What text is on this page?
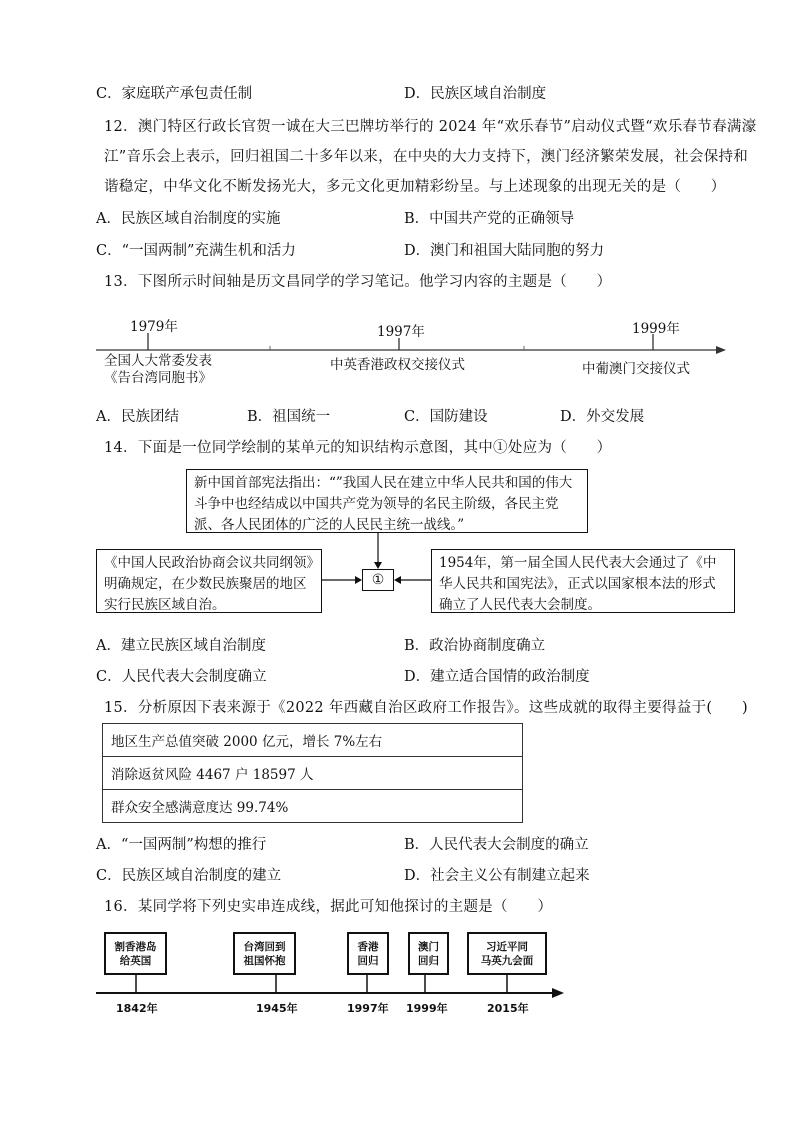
C．家庭联产承包责任制	D．民族区域自治制度
12．澳门特区行政长官贺一诚在大三巴牌坊举行的 2024 年“欢乐春节”启动仪式暨“欢乐春节春满濠
江”音乐会上表示，回归祖国二十多年以来，在中央的大力支持下，澳门经济繁荣发展，社会保持和
谐稳定，中华文化不断发扬光大，多元文化更加精彩纷呈。与上述现象的出现无关的是（　　）
A．民族区域自治制度的实施	B．中国共产党的正确领导
C．“一国两制”充满生机和活力	D．澳门和祖国大陆同胞的努力
13．下图所示时间轴是历文昌同学的学习笔记。他学习内容的主题是（　　）
1979年	1997年	1999年
全国人大常委发表
《告台湾同胞书》
中英香港政权交接仪式	中葡澳门交接仪式
A．民族团结	B．祖国统一	C．国防建设	D．外交发展
14．下面是一位同学绘制的某单元的知识结构示意图，其中①处应为（　　）
新中国首部宪法指出：“”我国人民在建立中华人民共和国的伟大斗争中也经结成以中国共产党为领导的名民主阶级，各民主党派、各人民团体的广泛的人民民主统一战线。”
《中国人民政治协商会议共同纲领》明确规定，在少数民族聚居的地区实行民族区域自治。
1954年，第一届全国人民代表大会通过了《中华人民共和国宪法》，正式以国家根本法的形式确立了人民代表大会制度。
①
A．建立民族区域自治制度	B．政治协商制度确立
C．人民代表大会制度确立	D．建立适合国情的政治制度
15．分析原因下表来源于《2022 年西藏自治区政府工作报告》。这些成就的取得主要得益于(　　)
地区生产总值突破 2000 亿元，增长 7%左右
消除返贫风险 4467 户 18597 人
群众安全感满意度达 99.74%
A．“一国两制”构想的推行	B．人民代表大会制度的确立
C．民族区域自治制度的建立	D．社会主义公有制建立起来
16．某同学将下列史实串连成线，据此可知他探讨的主题是（　　）
割香港岛
给英国
台湾回到
祖国怀抱
香港
回归
澳门
回归
习近平同
马英九会面
1842年	1945年	1997年 1999年	2015年
